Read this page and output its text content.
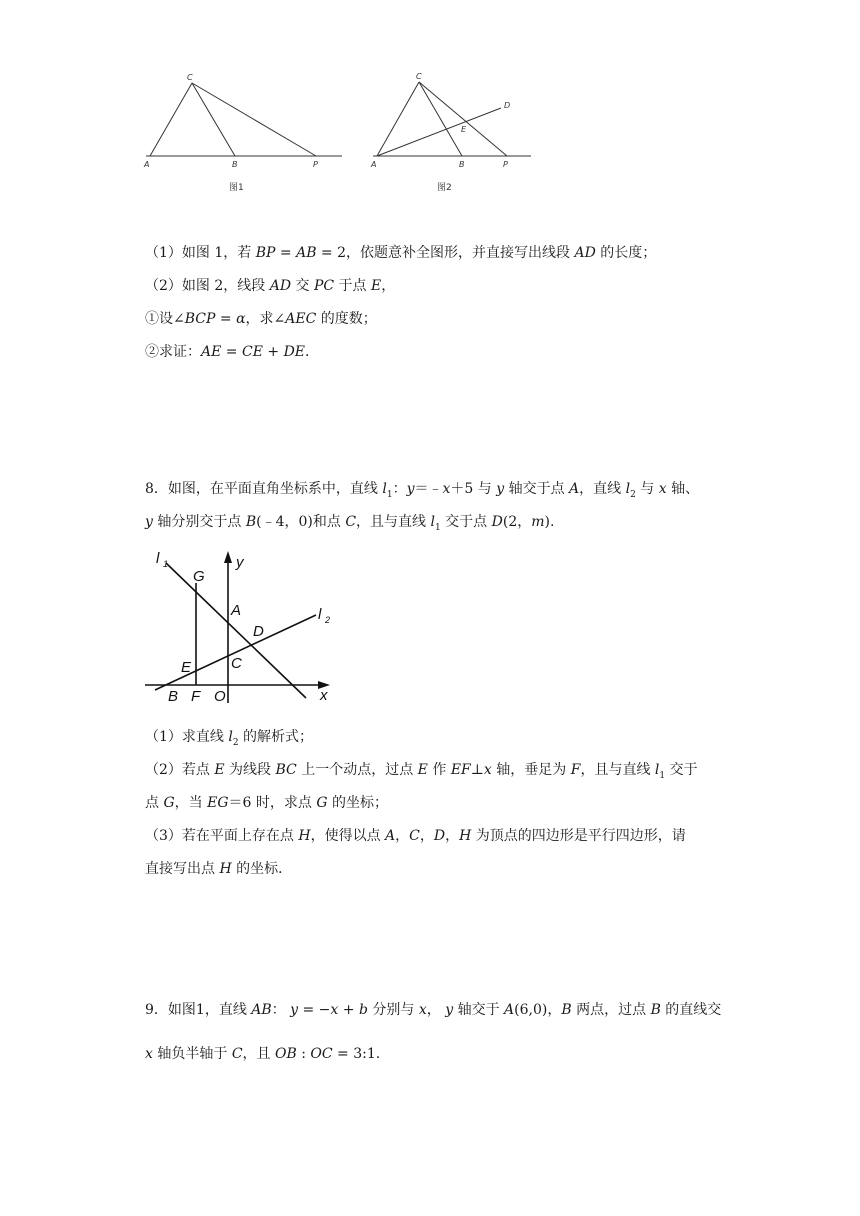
C
A	B	P
图1
C
D
E
A	B	P
图2
（1）如图 1，若 BP = AB = 2，依题意补全图形，并直接写出线段 AD 的长度；
（2）如图 2，线段 AD 交 PC 于点 E，
①设∠BCP = α，求∠AEC 的度数；
②求证：AE = CE + DE．
8．如图，在平面直角坐标系中，直线 $l_1$：y＝﹣x＋5 与 y 轴交于点 A，直线 $l_2$ 与 x 轴、
y 轴分别交于点 B(﹣4，0)和点 C，且与直线 $l_1$ 交于点 D(2，m).
l 1	y
G
A	l 2
D
E	C
B F O	x
（1）求直线 $l_2$ 的解析式；
（2）若点 E 为线段 BC 上一个动点，过点 E 作 EF⊥x 轴，垂足为 F，且与直线 $l_1$ 交于
点 G，当 EG＝6 时，求点 G 的坐标；
（3）若在平面上存在点 H，使得以点 A，C，D，H 为顶点的四边形是平行四边形，请
直接写出点 H 的坐标．
9．如图1，直线 AB： y = −x + b 分别与 x， y 轴交于 A(6,0)，B 两点，过点 B 的直线交
x 轴负半轴于 C，且 OB : OC = 3:1.
